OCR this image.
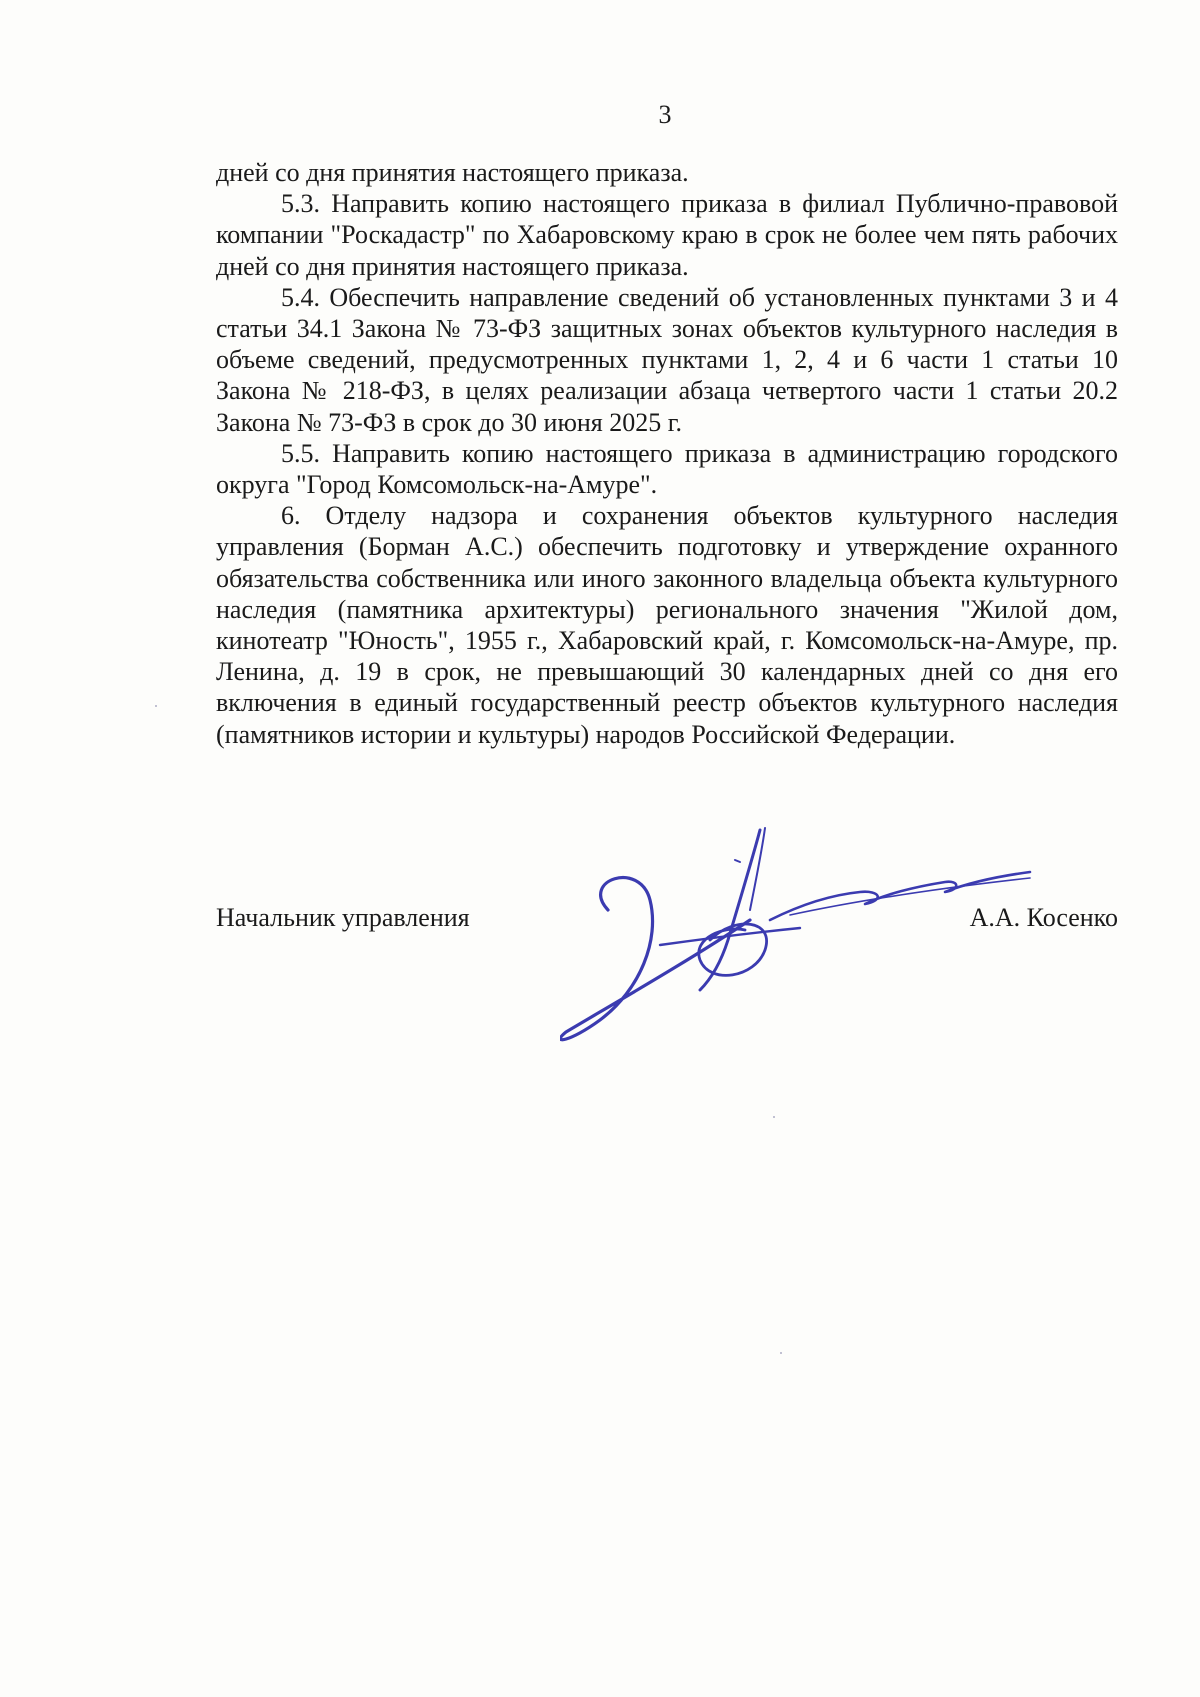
3

дней со дня принятия настоящего приказа.

5.3. Направить копию настоящего приказа в филиал Публично-правовой компании "Роскадастр" по Хабаровскому краю в срок не более чем пять рабочих дней со дня принятия настоящего приказа.

5.4. Обеспечить направление сведений об установленных пунктами 3 и 4 статьи 34.1 Закона № 73-ФЗ защитных зонах объектов культурного наследия в объеме сведений, предусмотренных пунктами 1, 2, 4 и 6 части 1 статьи 10 Закона № 218-ФЗ, в целях реализации абзаца четвертого части 1 статьи 20.2 Закона № 73-ФЗ в срок до 30 июня 2025 г.

5.5. Направить копию настоящего приказа в администрацию городского округа "Город Комсомольск-на-Амуре".

6. Отделу надзора и сохранения объектов культурного наследия управления (Борман А.С.) обеспечить подготовку и утверждение охранного обязательства собственника или иного законного владельца объекта культурного наследия (памятника архитектуры) регионального значения "Жилой дом, кинотеатр "Юность", 1955 г., Хабаровский край, г. Комсомольск-на-Амуре, пр. Ленина, д. 19 в срок, не превышающий 30 календарных дней со дня его включения в единый государственный реестр объектов культурного наследия (памятников истории и культуры) народов Российской Федерации.

Начальник управления	А.А. Косенко
